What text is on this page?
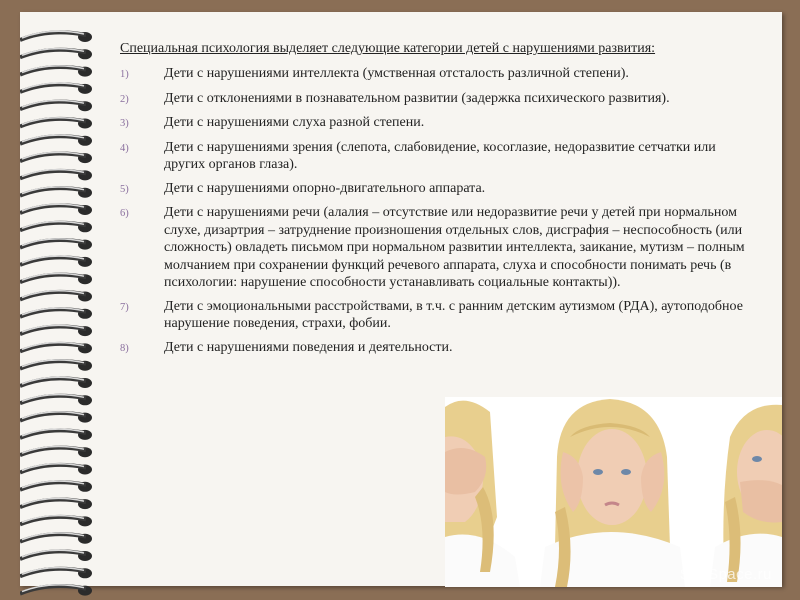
Специальная психология выделяет следующие категории детей с нарушениями развития:

1)	Дети с нарушениями интеллекта (умственная отсталость различной степени).
2)	Дети с отклонениями в познавательном развитии (задержка психического развития).
3)	Дети с нарушениями слуха разной степени.
4)	Дети с нарушениями зрения (слепота, слабовидение, косоглазие, недоразвитие сетчатки или других органов глаза).
5)	Дети с нарушениями опорно-двигательного аппарата.
6)	Дети с нарушениями речи (алалия – отсутствие или недоразвитие речи у детей при нормальном слухе, дизартрия – затруднение произношения отдельных слов, дисграфия – неспособность (или сложность) овладеть письмом при нормальном развитии интеллекта, заикание, мутизм – полным молчанием при сохранении функций речевого аппарата, слуха и способности понимать речь (в психологии: нарушение способности устанавливать социальные контакты)).
7)	Дети с эмоциональными расстройствами, в т.ч. с ранним детским аутизмом (РДА), аутоподобное нарушение поведения, страхи, фобии.
8)	Дети с нарушениями поведения и деятельности.
SonSpace.ru
